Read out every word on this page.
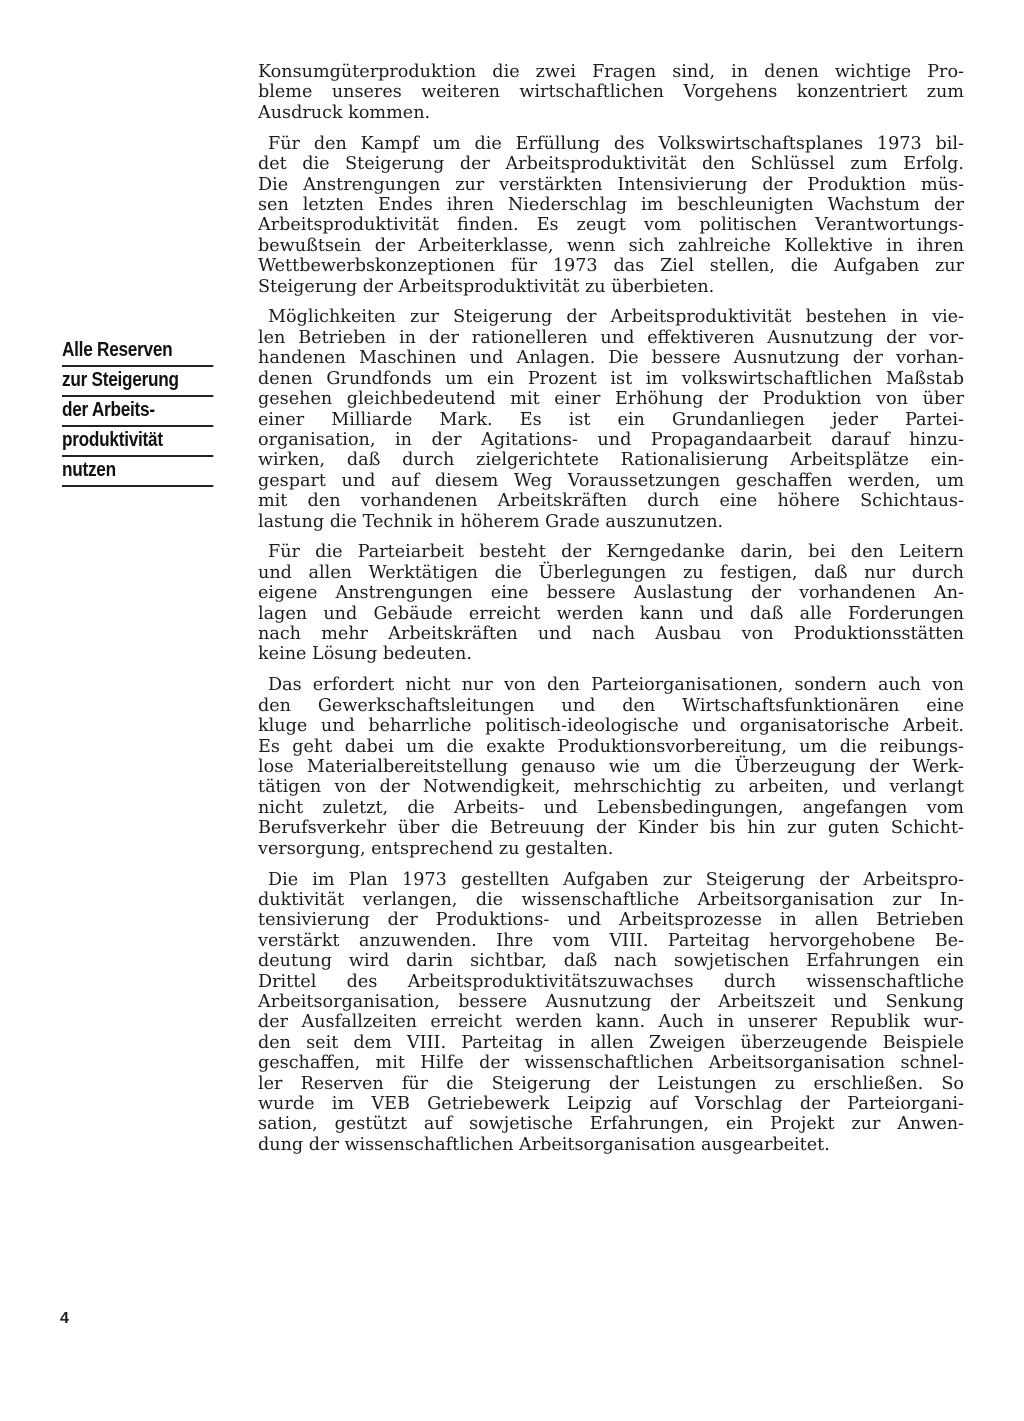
Alle Reserven
zur Steigerung
der Arbeits-
produktivität
nutzen

Konsumgüterproduktion die zwei Fragen sind, in denen wichtige Pro-
bleme unseres weiteren wirtschaftlichen Vorgehens konzentriert zum
Ausdruck kommen.

Für den Kampf um die Erfüllung des Volkswirtschaftsplanes 1973 bil-
det die Steigerung der Arbeitsproduktivität den Schlüssel zum Erfolg.
Die Anstrengungen zur verstärkten Intensivierung der Produktion müs-
sen letzten Endes ihren Niederschlag im beschleunigten Wachstum der
Arbeitsproduktivität finden. Es zeugt vom politischen Verantwortungs-
bewußtsein der Arbeiterklasse, wenn sich zahlreiche Kollektive in ihren
Wettbewerbskonzeptionen für 1973 das Ziel stellen, die Aufgaben zur
Steigerung der Arbeitsproduktivität zu überbieten.

Möglichkeiten zur Steigerung der Arbeitsproduktivität bestehen in vie-
len Betrieben in der rationelleren und effektiveren Ausnutzung der vor-
handenen Maschinen und Anlagen. Die bessere Ausnutzung der vorhan-
denen Grundfonds um ein Prozent ist im volkswirtschaftlichen Maßstab
gesehen gleichbedeutend mit einer Erhöhung der Produktion von über
einer Milliarde Mark. Es ist ein Grundanliegen jeder Partei-
organisation, in der Agitations- und Propagandaarbeit darauf hinzu-
wirken, daß durch zielgerichtete Rationalisierung Arbeitsplätze ein-
gespart und auf diesem Weg Voraussetzungen geschaffen werden, um
mit den vorhandenen Arbeitskräften durch eine höhere Schichtaus-
lastung die Technik in höherem Grade auszunutzen.

Für die Parteiarbeit besteht der Kerngedanke darin, bei den Leitern
und allen Werktätigen die Überlegungen zu festigen, daß nur durch
eigene Anstrengungen eine bessere Auslastung der vorhandenen An-
lagen und Gebäude erreicht werden kann und daß alle Forderungen
nach mehr Arbeitskräften und nach Ausbau von Produktionsstätten
keine Lösung bedeuten.

Das erfordert nicht nur von den Parteiorganisationen, sondern auch von
den Gewerkschaftsleitungen und den Wirtschaftsfunktionären eine
kluge und beharrliche politisch-ideologische und organisatorische Arbeit.
Es geht dabei um die exakte Produktionsvorbereitung, um die reibungs-
lose Materialbereitstellung genauso wie um die Überzeugung der Werk-
tätigen von der Notwendigkeit, mehrschichtig zu arbeiten, und verlangt
nicht zuletzt, die Arbeits- und Lebensbedingungen, angefangen vom
Berufsverkehr über die Betreuung der Kinder bis hin zur guten Schicht-
versorgung, entsprechend zu gestalten.

Die im Plan 1973 gestellten Aufgaben zur Steigerung der Arbeitspro-
duktivität verlangen, die wissenschaftliche Arbeitsorganisation zur In-
tensivierung der Produktions- und Arbeitsprozesse in allen Betrieben
verstärkt anzuwenden. Ihre vom VIII. Parteitag hervorgehobene Be-
deutung wird darin sichtbar, daß nach sowjetischen Erfahrungen ein
Drittel des Arbeitsproduktivitätszuwachses durch wissenschaftliche
Arbeitsorganisation, bessere Ausnutzung der Arbeitszeit und Senkung
der Ausfallzeiten erreicht werden kann. Auch in unserer Republik wur-
den seit dem VIII. Parteitag in allen Zweigen überzeugende Beispiele
geschaffen, mit Hilfe der wissenschaftlichen Arbeitsorganisation schnel-
ler Reserven für die Steigerung der Leistungen zu erschließen. So
wurde im VEB Getriebewerk Leipzig auf Vorschlag der Parteiorgani-
sation, gestützt auf sowjetische Erfahrungen, ein Projekt zur Anwen-
dung der wissenschaftlichen Arbeitsorganisation ausgearbeitet.

4
